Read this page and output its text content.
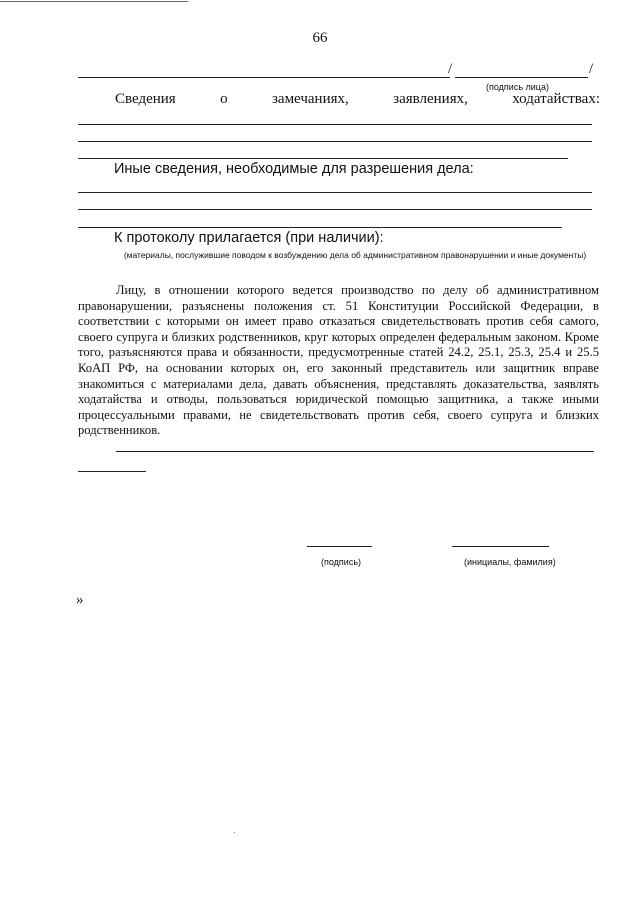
66
/	/
(подпись лица)
Сведения	о	замечаниях,	заявлениях,	ходатайствах:
Иные сведения, необходимые для разрешения дела:
К протоколу прилагается (при наличии):
(материалы, послужившие поводом к возбуждению дела об административном правонарушении и иные документы)
Лицу, в отношении которого ведется производство по делу об административном правонарушении, разъяснены положения ст. 51 Конституции Российской Федерации, в соответствии с которыми он имеет право отказаться свидетельствовать против себя самого, своего супруга и близких родственников, круг которых определен федеральным законом. Кроме того, разъясняются права и обязанности, предусмотренные статей 24.2, 25.1, 25.3, 25.4 и 25.5 КоАП РФ, на основании которых он, его законный представитель или защитник вправе знакомиться с материалами дела, давать объяснения, представлять доказательства, заявлять ходатайства и отводы, пользоваться юридической помощью защитника, а также иными процессуальными правами, не свидетельствовать против себя, своего супруга и близких родственников.
(подпись)	(инициалы, фамилия)
»
